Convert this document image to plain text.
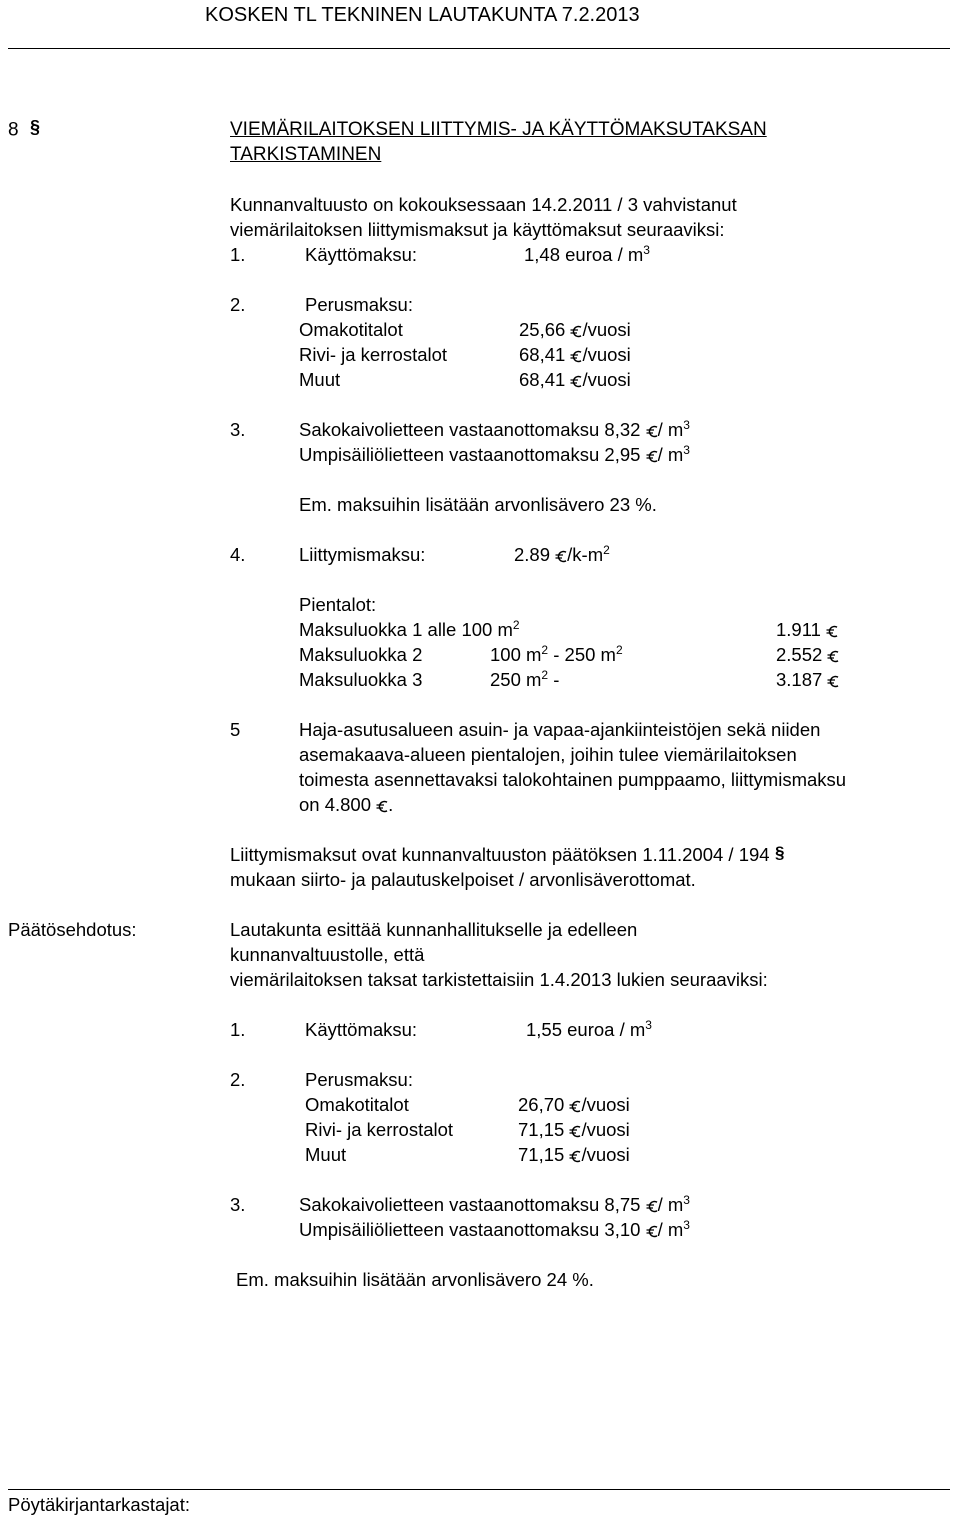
KOSKEN TL TEKNINEN LAUTAKUNTA 7.2.2013
8 §	VIEMÄRILAITOKSEN LIITTYMIS- JA KÄYTTÖMAKSUTAKSAN
TARKISTAMINEN
Kunnanvaltuusto on kokouksessaan 14.2.2011 / 3 vahvistanut
viemärilaitoksen liittymismaksut ja käyttömaksut seuraaviksi:
1.	Käyttömaksu:	1,48 euroa / $m^3$
2.	Perusmaksu:
Omakotitalot	25,66 /vuosi
Rivi- ja kerrostalot	68,41 /vuosi
Muut	68,41 /vuosi
3.	Sakokaivolietteen vastaanottomaksu $8,32 / m^3$
Umpisäiliölietteen vastaanottomaksu $2,95 / m^3$
Em. maksuihin lisätään arvonlisävero 23 %.
4.	Liittymismaksu:	2.89 $/k-m^2$
Pientalot:
Maksuluokka 1 alle 100 $m^2$	1.911
Maksuluokka 2	100 $m^2 - 250$ $m^2$	2.552
Maksuluokka 3	250 $m^2$ -	3.187
5	Haja-asutusalueen asuin- ja vapaa-ajankiinteistöjen sekä niiden
asemakaava-alueen pientalojen, joihin tulee viemärilaitoksen
toimesta asennettavaksi talokohtainen pumppaamo, liittymismaksu
on 4.800 .
Liittymismaksut ovat kunnanvaltuuston päätöksen 1.11.2004 / 194 §
mukaan siirto- ja palautuskelpoiset / arvonlisäverottomat.
Päätösehdotus:	Lautakunta esittää kunnanhallitukselle ja edelleen
kunnanvaltuustolle, että
viemärilaitoksen taksat tarkistettaisiin 1.4.2013 lukien seuraaviksi:
1.	Käyttömaksu:	1,55 euroa / $m^3$
2.	Perusmaksu:
Omakotitalot	26,70 /vuosi
Rivi- ja kerrostalot	71,15 /vuosi
Muut	71,15 /vuosi
3.	Sakokaivolietteen vastaanottomaksu $8,75 / m^3$
Umpisäiliölietteen vastaanottomaksu $3,10 / m^3$
Em. maksuihin lisätään arvonlisävero 24 %.
Pöytäkirjantarkastajat:
